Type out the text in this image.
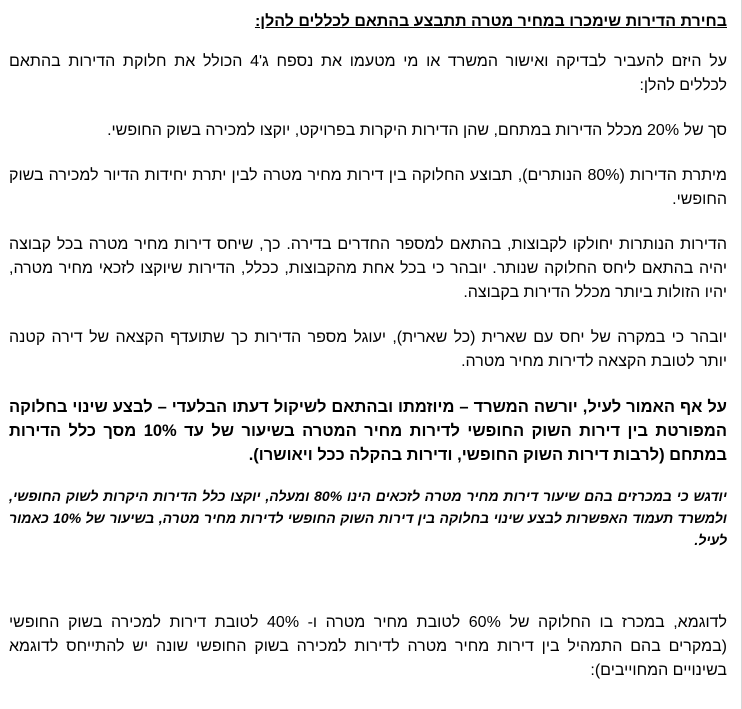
בחירת הדירות שימכרו במחיר מטרה תתבצע בהתאם לכללים להלן:

על היזם להעביר לבדיקה ואישור המשרד או מי מטעמו את נספח ג'4 הכולל את חלוקת הדירות בהתאם לכללים להלן:

סך של 20% מכלל הדירות במתחם, שהן הדירות היקרות בפרויקט, יוקצו למכירה בשוק החופשי.

מיתרת הדירות (80% הנותרים), תבוצע החלוקה בין דירות מחיר מטרה לבין יתרת יחידות הדיור למכירה בשוק החופשי.

הדירות הנותרות יחולקו לקבוצות, בהתאם למספר החדרים בדירה. כך, שיחס דירות מחיר מטרה בכל קבוצה יהיה בהתאם ליחס החלוקה שנותר. יובהר כי בכל אחת מהקבוצות, ככלל, הדירות שיוקצו לזכאי מחיר מטרה, יהיו הזולות ביותר מכלל הדירות בקבוצה.

יובהר כי במקרה של יחס עם שארית (כל שארית), יעוגל מספר הדירות כך שתועדף הקצאה של דירה קטנה יותר לטובת הקצאה לדירות מחיר מטרה.

על אף האמור לעיל, יורשה המשרד – מיוזמתו ובהתאם לשיקול דעתו הבלעדי – לבצע שינוי בחלוקה המפורטת בין דירות השוק החופשי לדירות מחיר המטרה בשיעור של עד 10% מסך כלל הדירות במתחם (לרבות דירות השוק החופשי, ודירות בהקלה ככל ויאושרו).

יודגש כי במכרזים בהם שיעור דירות מחיר מטרה לזכאים הינו 80% ומעלה, יוקצו כלל הדירות היקרות לשוק החופשי, ולמשרד תעמוד האפשרות לבצע שינוי בחלוקה בין דירות השוק החופשי לדירות מחיר מטרה, בשיעור של 10% כאמור לעיל.

לדוגמא, במכרז בו החלוקה של 60% לטובת מחיר מטרה ו- 40% לטובת דירות למכירה בשוק החופשי (במקרים בהם התמהיל בין דירות מחיר מטרה לדירות למכירה בשוק החופשי שונה יש להתייחס לדוגמא בשינויים המחוייבים):
